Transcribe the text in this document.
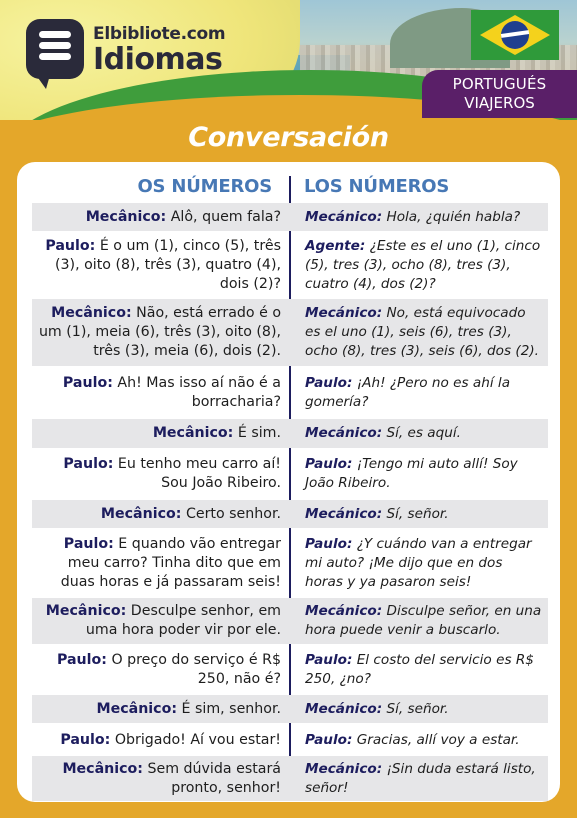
Elbibliote.com
Idiomas
PORTUGUÉS
VIAJEROS
Conversación
OS NÚMEROS LOS NÚMEROS
Mecânico: Alô, quem fala? Mecánico: Hola, ¿quién habla?
Paulo: É o um (1), cinco (5), três (3), oito (8), três (3), quatro (4), dois (2)?
Agente: ¿Este es el uno (1), cinco (5), tres (3), ocho (8), tres (3), cuatro (4), dos (2)?
Mecânico: Não, está errado é o um (1), meia (6), três (3), oito (8), três (3), meia (6), dois (2).
Mecánico: No, está equivocado es el uno (1), seis (6), tres (3), ocho (8), tres (3), seis (6), dos (2).
Paulo: Ah! Mas isso aí não é a borracharia?
Paulo: ¡Ah! ¿Pero no es ahí la gomería?
Mecânico: É sim. Mecánico: Sí, es aquí.
Paulo: Eu tenho meu carro aí! Sou João Ribeiro.
Paulo: ¡Tengo mi auto allí! Soy João Ribeiro.
Mecânico: Certo senhor. Mecánico: Sí, señor.
Paulo: E quando vão entregar meu carro? Tinha dito que em duas horas e já passaram seis!
Paulo: ¿Y cuándo van a entregar mi auto? ¡Me dijo que en dos horas y ya pasaron seis!
Mecânico: Desculpe senhor, em uma hora poder vir por ele.
Mecánico: Disculpe señor, en una hora puede venir a buscarlo.
Paulo: O preço do serviço é R$ 250, não é?
Paulo: El costo del servicio es R$ 250, ¿no?
Mecânico: É sim, senhor. Mecánico: Sí, señor.
Paulo: Obrigado! Aí vou estar! Paulo: Gracias, allí voy a estar.
Mecânico: Sem dúvida estará pronto, senhor!
Mecánico: ¡Sin duda estará listo, señor!
